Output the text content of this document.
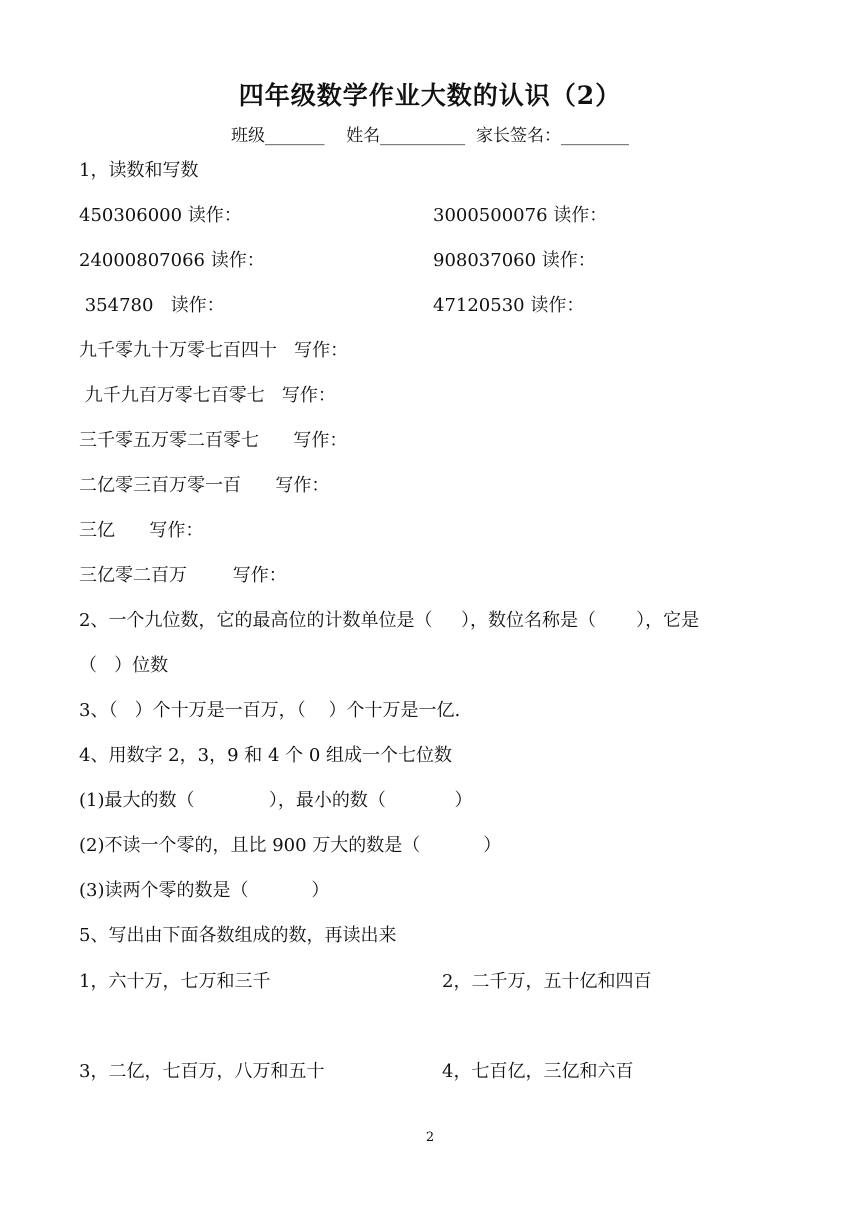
四年级数学作业大数的认识（2）
班级_______    姓名__________  家长签名：________
1，读数和写数
450306000 读作：	3000500076 读作：
24000807066 读作：	908037060 读作：
354780   读作：	47120530 读作：
九千零九十万零七百四十   写作：
九千九百万零七百零七   写作：
三千零五万零二百零七      写作：
二亿零三百万零一百      写作：
三亿      写作：
三亿零二百万        写作：
2、一个九位数，它的最高位的计数单位是（     ），数位名称是（       ），它是
（   ）位数
3、（   ）个十万是一百万，（    ）个十万是一亿.
4、用数字 2，3，9 和 4 个 0 组成一个七位数
(1)最大的数（             ），最小的数（            ）
(2)不读一个零的，且比 900 万大的数是（           ）
(3)读两个零的数是（           ）
5、写出由下面各数组成的数，再读出来
1，六十万，七万和三千	2，二千万，五十亿和四百
3，二亿，七百万，八万和五十	4，七百亿，三亿和六百
2
